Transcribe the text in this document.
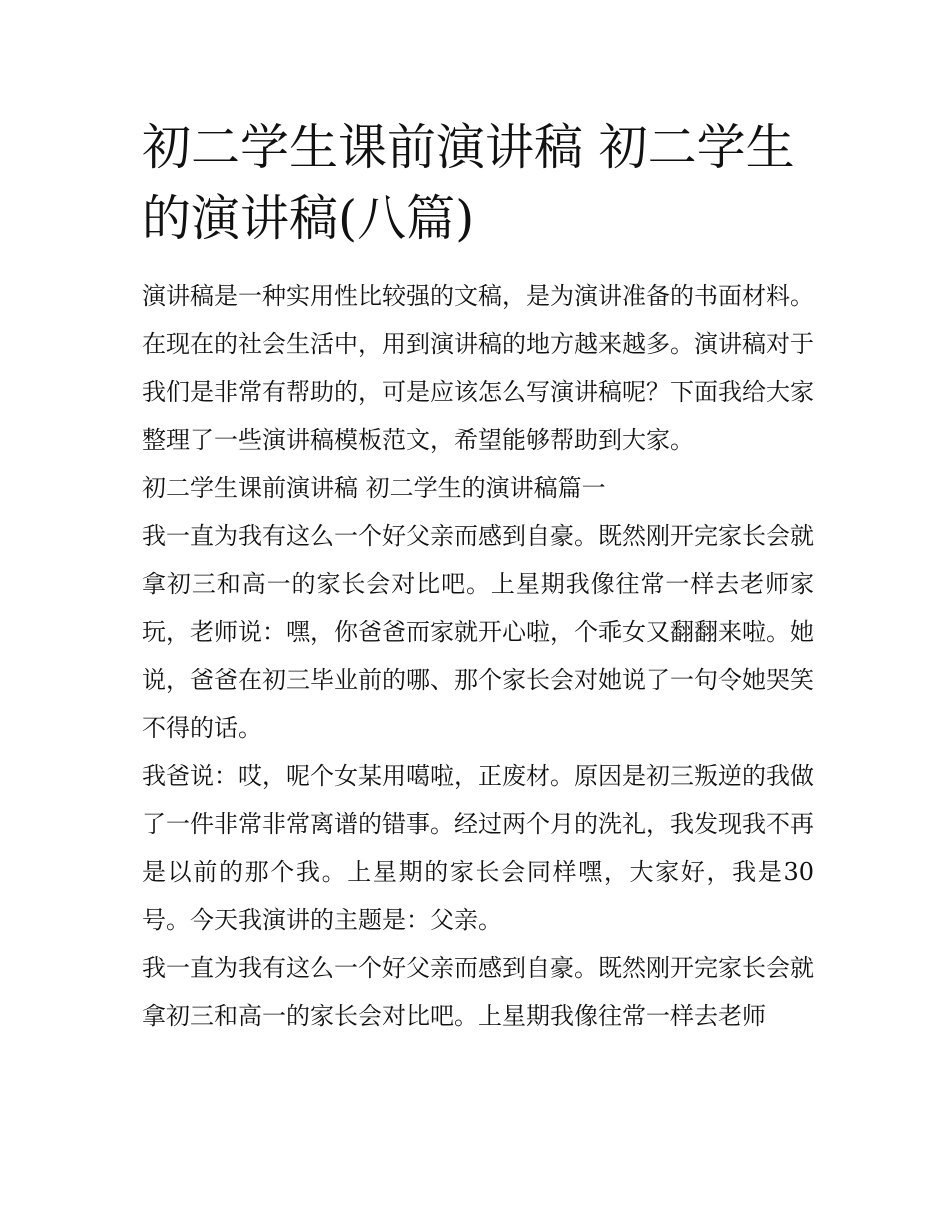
初二学生课前演讲稿 初二学生的演讲稿(八篇)

演讲稿是一种实用性比较强的文稿，是为演讲准备的书面材料。在现在的社会生活中，用到演讲稿的地方越来越多。演讲稿对于我们是非常有帮助的，可是应该怎么写演讲稿呢？下面我给大家整理了一些演讲稿模板范文，希望能够帮助到大家。

初二学生课前演讲稿 初二学生的演讲稿篇一

我一直为我有这么一个好父亲而感到自豪。既然刚开完家长会就拿初三和高一的家长会对比吧。上星期我像往常一样去老师家玩，老师说：嘿，你爸爸而家就开心啦，个乖女又翻翻来啦。她说，爸爸在初三毕业前的哪、那个家长会对她说了一句令她哭笑不得的话。

我爸说：哎，呢个女某用噶啦，正废材。原因是初三叛逆的我做了一件非常非常离谱的错事。经过两个月的洗礼，我发现我不再是以前的那个我。上星期的家长会同样嘿，大家好，我是30号。今天我演讲的主题是：父亲。

我一直为我有这么一个好父亲而感到自豪。既然刚开完家长会就拿初三和高一的家长会对比吧。上星期我像往常一样去老师
